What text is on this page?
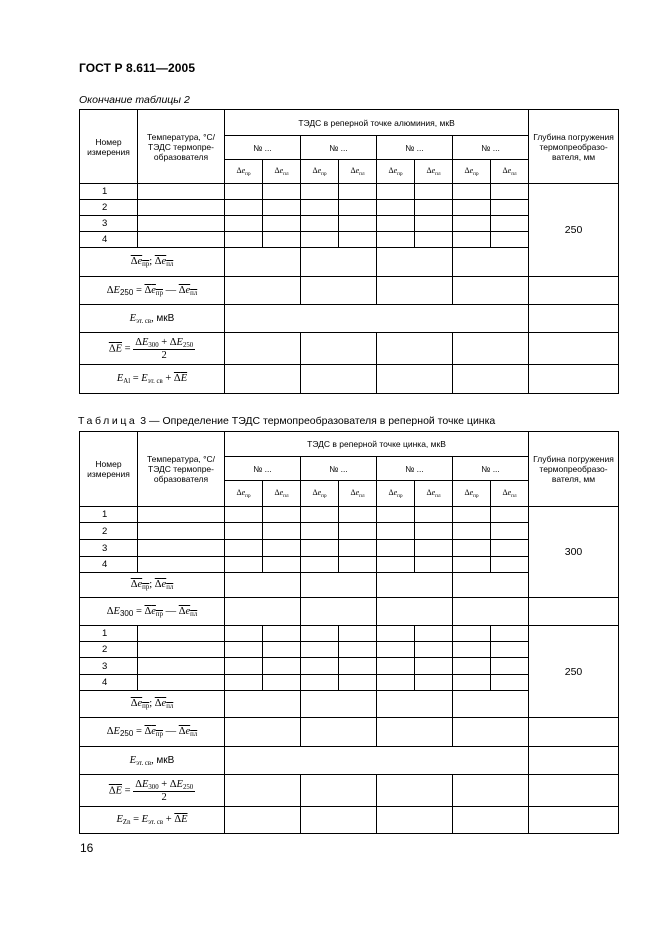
ГОСТ Р 8.611—2005
Окончание таблицы 2
Номер измерения	Температура, °С/ТЭДС термопре-образователя	ТЭДС в реперной точке алюминия, мкВ								Глубина погружения термопреобразо-вателя, мм
		№ ...		№ ...		№ ...		№ ...		
		$\Delta e_{пр}$	$\Delta e_{пл}$	$\Delta e_{пр}$	$\Delta e_{пл}$	$\Delta e_{пр}$	$\Delta e_{пл}$	$\Delta e_{пр}$	$\Delta e_{пл}$
1										250
2										
3										
4										
$\Delta e_{пр}$; $\Delta e_{пл}$				
$\Delta E_{250} = \Delta e_{пр}$ — $\Delta e_{пл}$					
$E_{эт. св}$, мкВ										
$\Delta E = \frac{\Delta E_{300} + \Delta E_{250}}{2}$

$E_{Al} = E_{эт. св} + \Delta E$										
Таблица 3 — Определение ТЭДС термопреобразователя в реперной точке цинка
Номер измерения	Температура, °С/ТЭДС термопре-образователя	ТЭДС в реперной точке цинка, мкВ								Глубина погружения термопреобразо-вателя, мм
		№ ...		№ ...		№ ...		№ ...		
		$\Delta e_{пр}$	$\Delta e_{пл}$	$\Delta e_{пр}$	$\Delta e_{пл}$	$\Delta e_{пр}$	$\Delta e_{пл}$	$\Delta e_{пр}$	$\Delta e_{пл}$
1										300
2										
3										
4										
$\Delta e_{пр}$; $\Delta e_{пл}$				
$\Delta E_{300} = \Delta e_{пр}$ — $\Delta e_{пл}$					
1										250
2										
3										
4										
$\Delta e_{пр}$; $\Delta e_{пл}$				
$\Delta E_{250} = \Delta e_{пр}$ — $\Delta e_{пл}$					
$E_{эт. св}$, мкВ										
$\Delta E = \frac{\Delta E_{300} + \Delta E_{250}}{2}$

$E_{Zn} = E_{эт. св} + \Delta E$										
16
